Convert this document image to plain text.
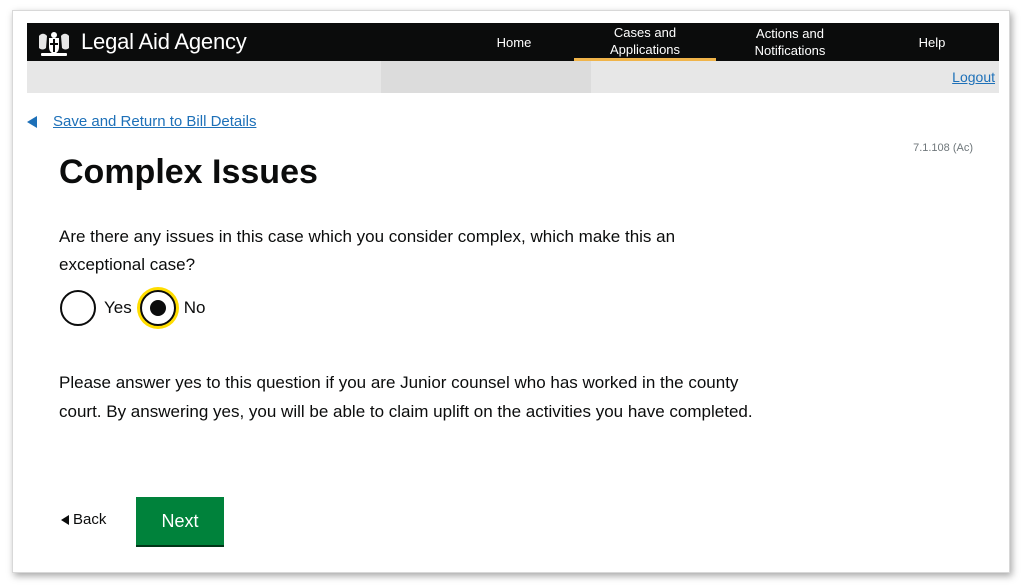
Legal Aid Agency	Home
Cases and Applications
Actions and Notifications
Help
Logout
Save and Return to Bill Details
7.1.108 (Ac)
Complex Issues
Are there any issues in this case which you consider complex, which make this an exceptional case?
Yes	No
Please answer yes to this question if you are Junior counsel who has worked in the county court. By answering yes, you will be able to claim uplift on the activities you have completed.
Back	Next
